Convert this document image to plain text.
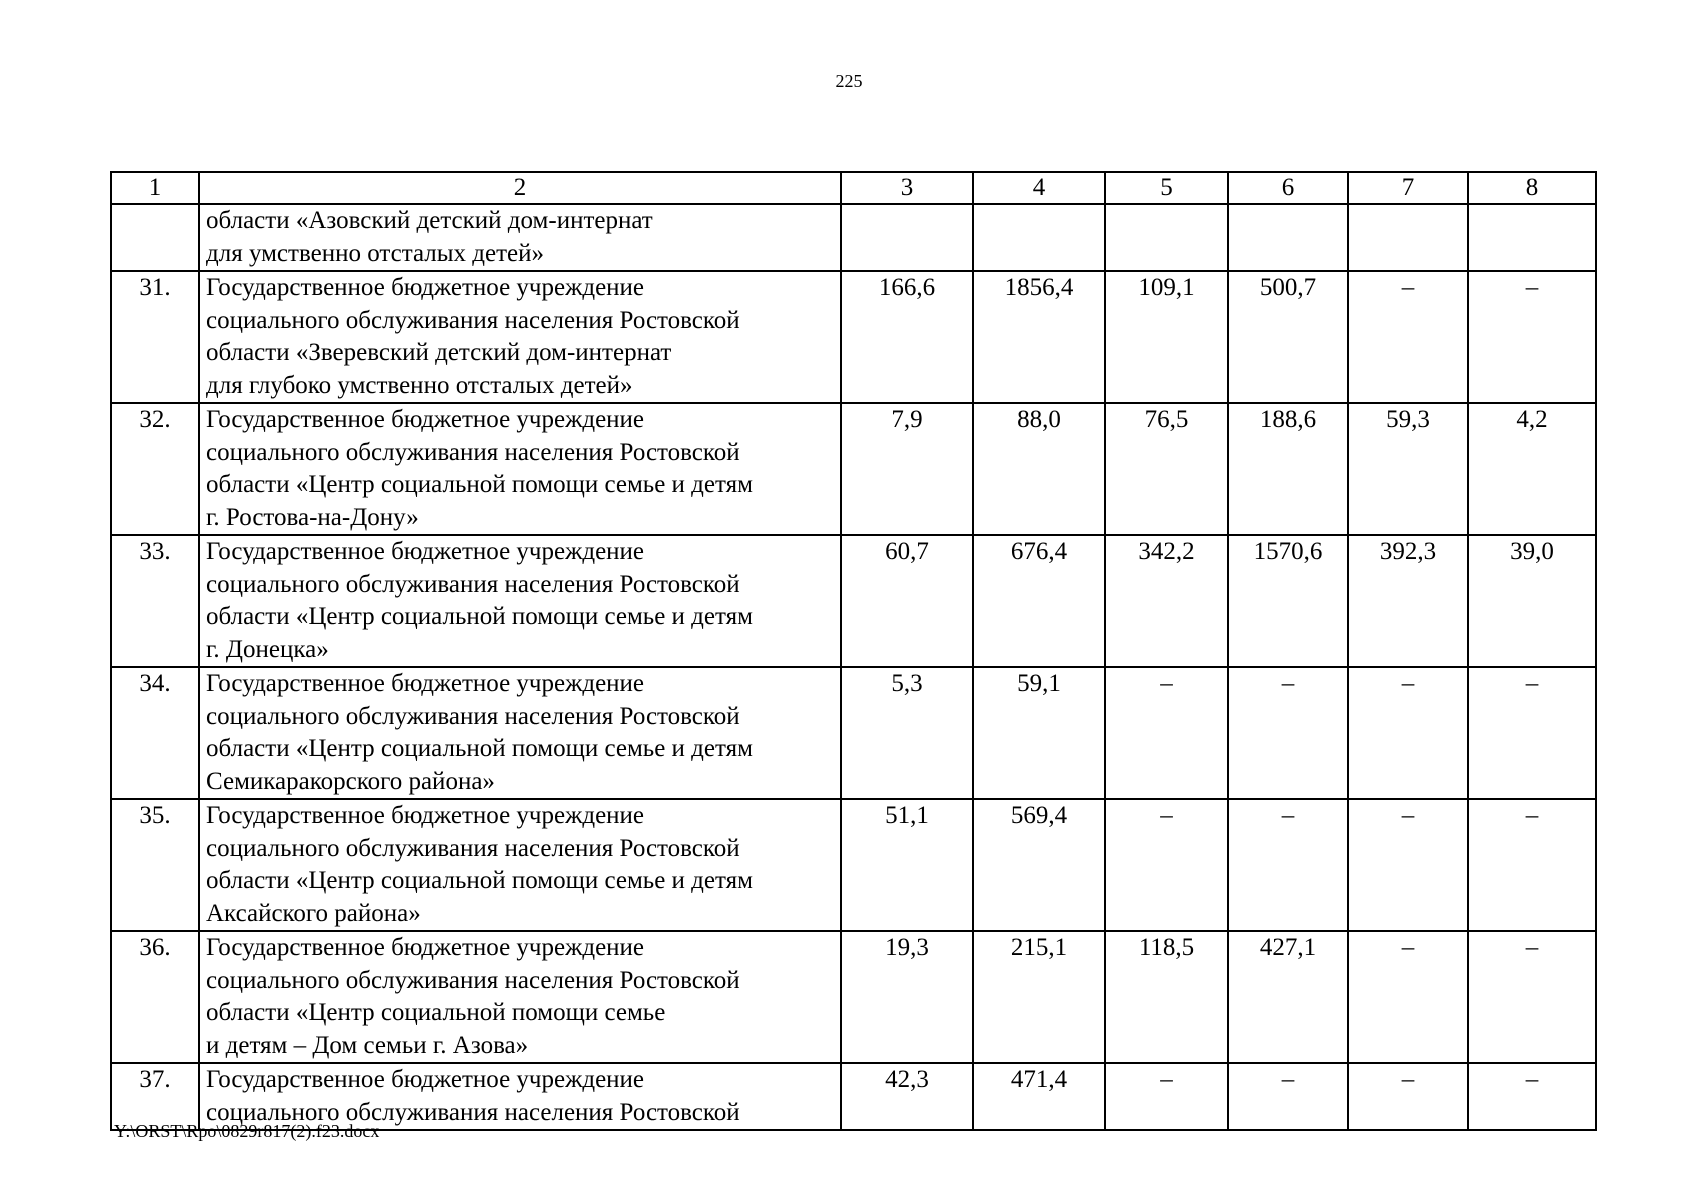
225
1	2	3	4	5	6	7	8

	области «Азовский детский дом-интернат
для умственно отсталых детей»						

31.	Государственное бюджетное учреждение
социального обслуживания населения Ростовской
области «Зверевский детский дом-интернат
для глубоко умственно отсталых детей»	166,6	1856,4	109,1	500,7	–	–
32.	Государственное бюджетное учреждение
социального обслуживания населения Ростовской
области «Центр социальной помощи семье и детям
г. Ростова-на-Дону»	7,9	88,0	76,5	188,6	59,3	4,2
33.	Государственное бюджетное учреждение
социального обслуживания населения Ростовской
области «Центр социальной помощи семье и детям
г. Донецка»	60,7	676,4	342,2	1570,6	392,3	39,0
34.	Государственное бюджетное учреждение
социального обслуживания населения Ростовской
области «Центр социальной помощи семье и детям
Семикаракорского района»	5,3	59,1	–	–	–	–
35.	Государственное бюджетное учреждение
социального обслуживания населения Ростовской
области «Центр социальной помощи семье и детям
Аксайского района»	51,1	569,4	–	–	–	–
36.	Государственное бюджетное учреждение
социального обслуживания населения Ростовской
области «Центр социальной помощи семье
и детям – Дом семьи г. Азова»	19,3	215,1	118,5	427,1	–	–
37.	Государственное бюджетное учреждение
социального обслуживания населения Ростовской	42,3	471,4	–	–	–	–
Y:\ORST\Rpo\0829r817(2).f23.docx
